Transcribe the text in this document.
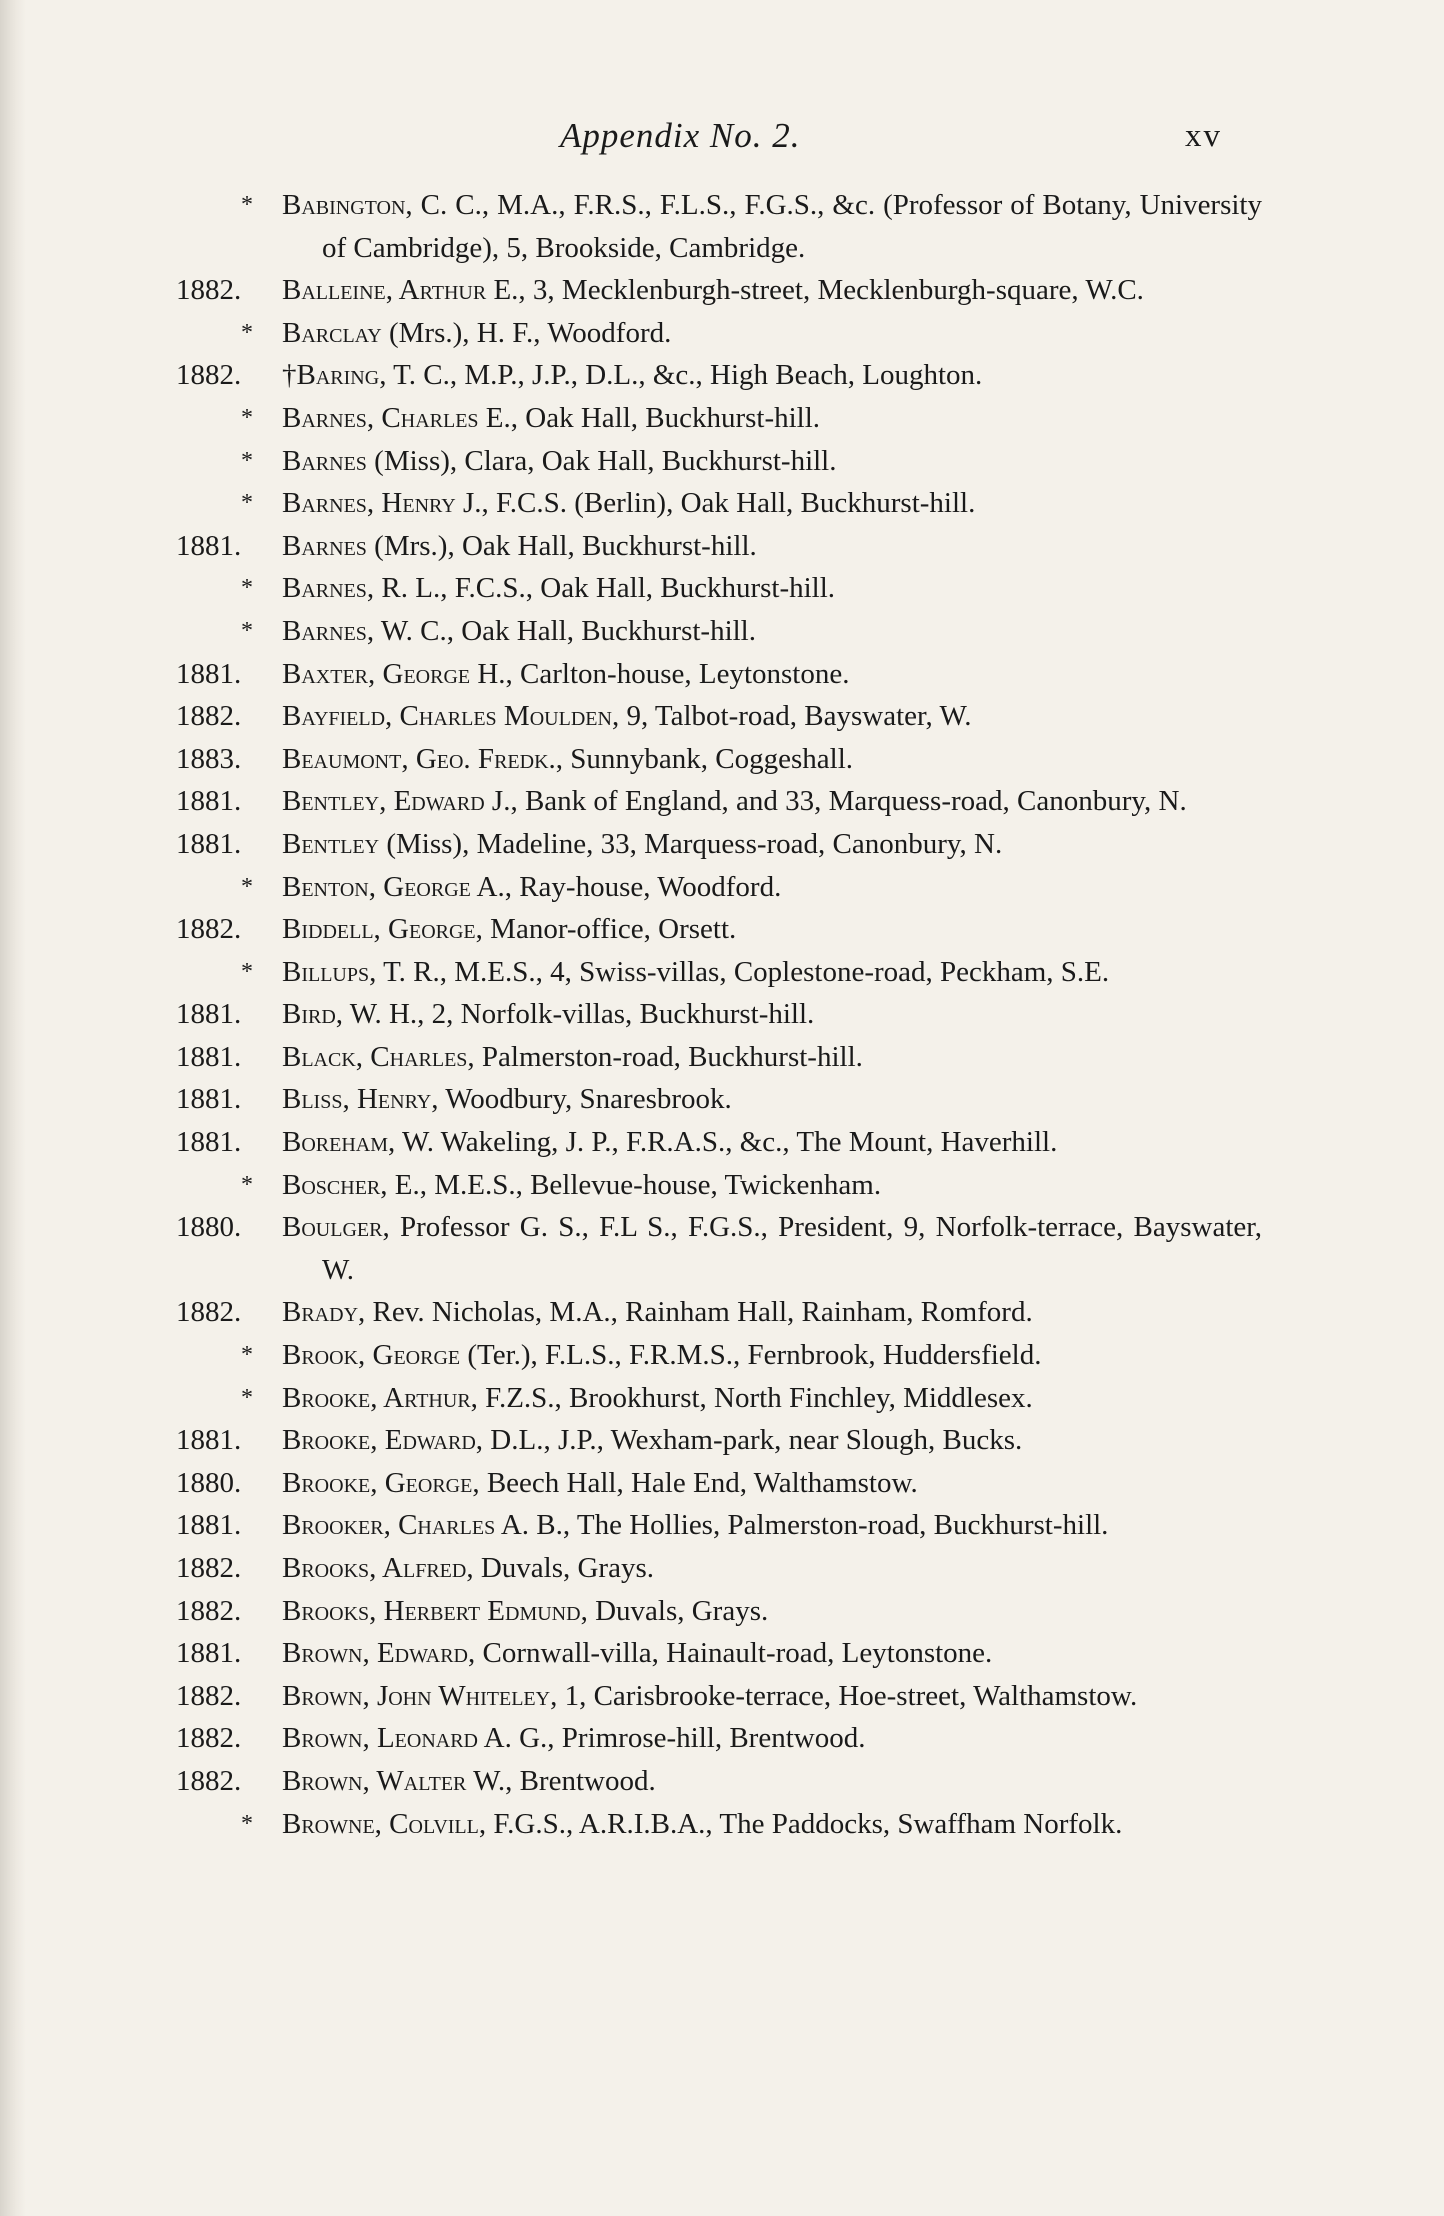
Appendix No. 2.	xv
* Babington, C. C., M.A., F.R.S., F.L.S., F.G.S., &c. (Professor of Botany, University of Cambridge), 5, Brookside, Cambridge.
1882.	Balleine, Arthur E., 3, Mecklenburgh-street, Mecklenburgh-square, W.C.
* Barclay (Mrs.), H. F., Woodford.
1882.	†Baring, T. C., M.P., J.P., D.L., &c., High Beach, Loughton.
* Barnes, Charles E., Oak Hall, Buckhurst-hill.
* Barnes (Miss), Clara, Oak Hall, Buckhurst-hill.
* Barnes, Henry J., F.C.S. (Berlin), Oak Hall, Buckhurst-hill.
1881.	Barnes (Mrs.), Oak Hall, Buckhurst-hill.
* Barnes, R. L., F.C.S., Oak Hall, Buckhurst-hill.
* Barnes, W. C., Oak Hall, Buckhurst-hill.
1881.	Baxter, George H., Carlton-house, Leytonstone.
1882.	Bayfield, Charles Moulden, 9, Talbot-road, Bayswater, W.
1883.	Beaumont, Geo. Fredk., Sunnybank, Coggeshall.
1881.	Bentley, Edward J., Bank of England, and 33, Marquess-road, Canonbury, N.
1881.	Bentley (Miss), Madeline, 33, Marquess-road, Canonbury, N.
* Benton, George A., Ray-house, Woodford.
1882.	Biddell, George, Manor-office, Orsett.
* Billups, T. R., M.E.S., 4, Swiss-villas, Coplestone-road, Peckham, S.E.
1881.	Bird, W. H., 2, Norfolk-villas, Buckhurst-hill.
1881.	Black, Charles, Palmerston-road, Buckhurst-hill.
1881.	Bliss, Henry, Woodbury, Snaresbrook.
1881.	Boreham, W. Wakeling, J. P., F.R.A.S., &c., The Mount, Haverhill.
* Boscher, E., M.E.S., Bellevue-house, Twickenham.
1880.	Boulger, Professor G. S., F.L S., F.G.S., President, 9, Norfolk-terrace, Bayswater, W.
1882.	Brady, Rev. Nicholas, M.A., Rainham Hall, Rainham, Romford.
* Brook, George (Ter.), F.L.S., F.R.M.S., Fernbrook, Huddersfield.
* Brooke, Arthur, F.Z.S., Brookhurst, North Finchley, Middlesex.
1881.	Brooke, Edward, D.L., J.P., Wexham-park, near Slough, Bucks.
1880.	Brooke, George, Beech Hall, Hale End, Walthamstow.
1881.	Brooker, Charles A. B., The Hollies, Palmerston-road, Buckhurst-hill.
1882.	Brooks, Alfred, Duvals, Grays.
1882.	Brooks, Herbert Edmund, Duvals, Grays.
1881.	Brown, Edward, Cornwall-villa, Hainault-road, Leytonstone.
1882.	Brown, John Whiteley, 1, Carisbrooke-terrace, Hoe-street, Walthamstow.
1882.	Brown, Leonard A. G., Primrose-hill, Brentwood.
1882.	Brown, Walter W., Brentwood.
* Browne, Colvill, F.G.S., A.R.I.B.A., The Paddocks, Swaffham Norfolk.
